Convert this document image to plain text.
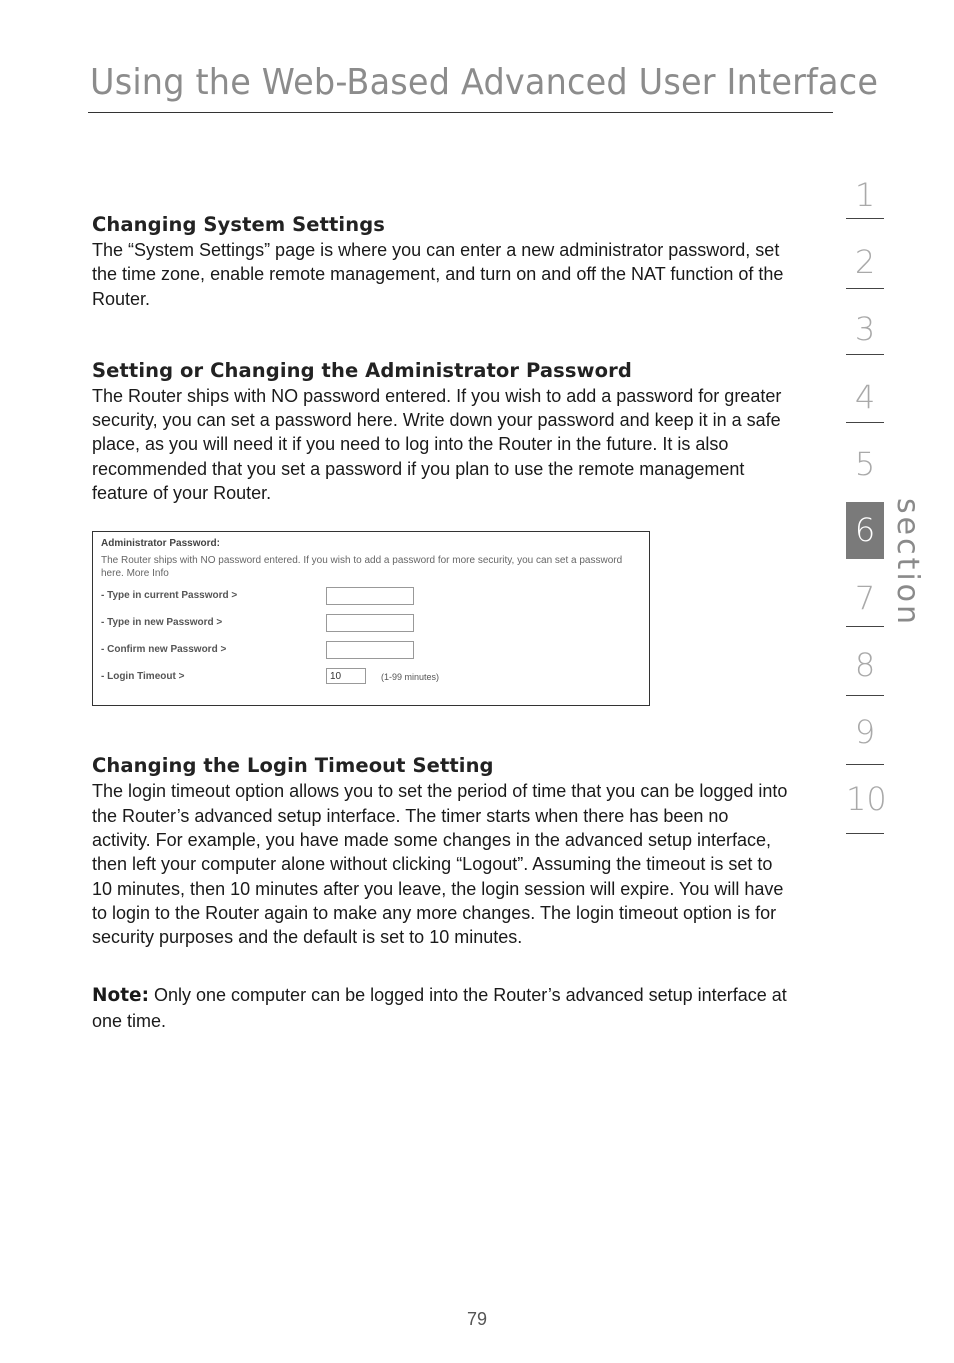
Using the Web-Based Advanced User Interface
Changing System Settings

The “System Settings” page is where you can enter a new administrator password, set the time zone, enable remote management, and turn on and off the NAT function of the Router.

Setting or Changing the Administrator Password

The Router ships with NO password entered. If you wish to add a password for greater security, you can set a password here. Write down your password and keep it in a safe place, as you will need it if you need to log into the Router in the future. It is also recommended that you set a password if you plan to use the remote management feature of your Router.

Administrator Password:
The Router ships with NO password entered. If you wish to add a password for more security, you can set a password here. More Info
- Type in current Password >
- Type in new Password >
- Confirm new Password >
- Login Timeout >	10	(1-99 minutes)
Changing the Login Timeout Setting

The login timeout option allows you to set the period of time that you can be logged into the Router’s advanced setup interface. The timer starts when there has been no activity. For example, you have made some changes in the advanced setup interface, then left your computer alone without clicking “Logout”. Assuming the timeout is set to 10 minutes, then 10 minutes after you leave, the login session will expire. You will have to login to the Router again to make any more changes. The login timeout option is for security purposes and the default is set to 10 minutes.

Note: Only one computer can be logged into the Router’s advanced setup interface at one time.

1
2
3
4
5
6
7
8
9
10
section
79
